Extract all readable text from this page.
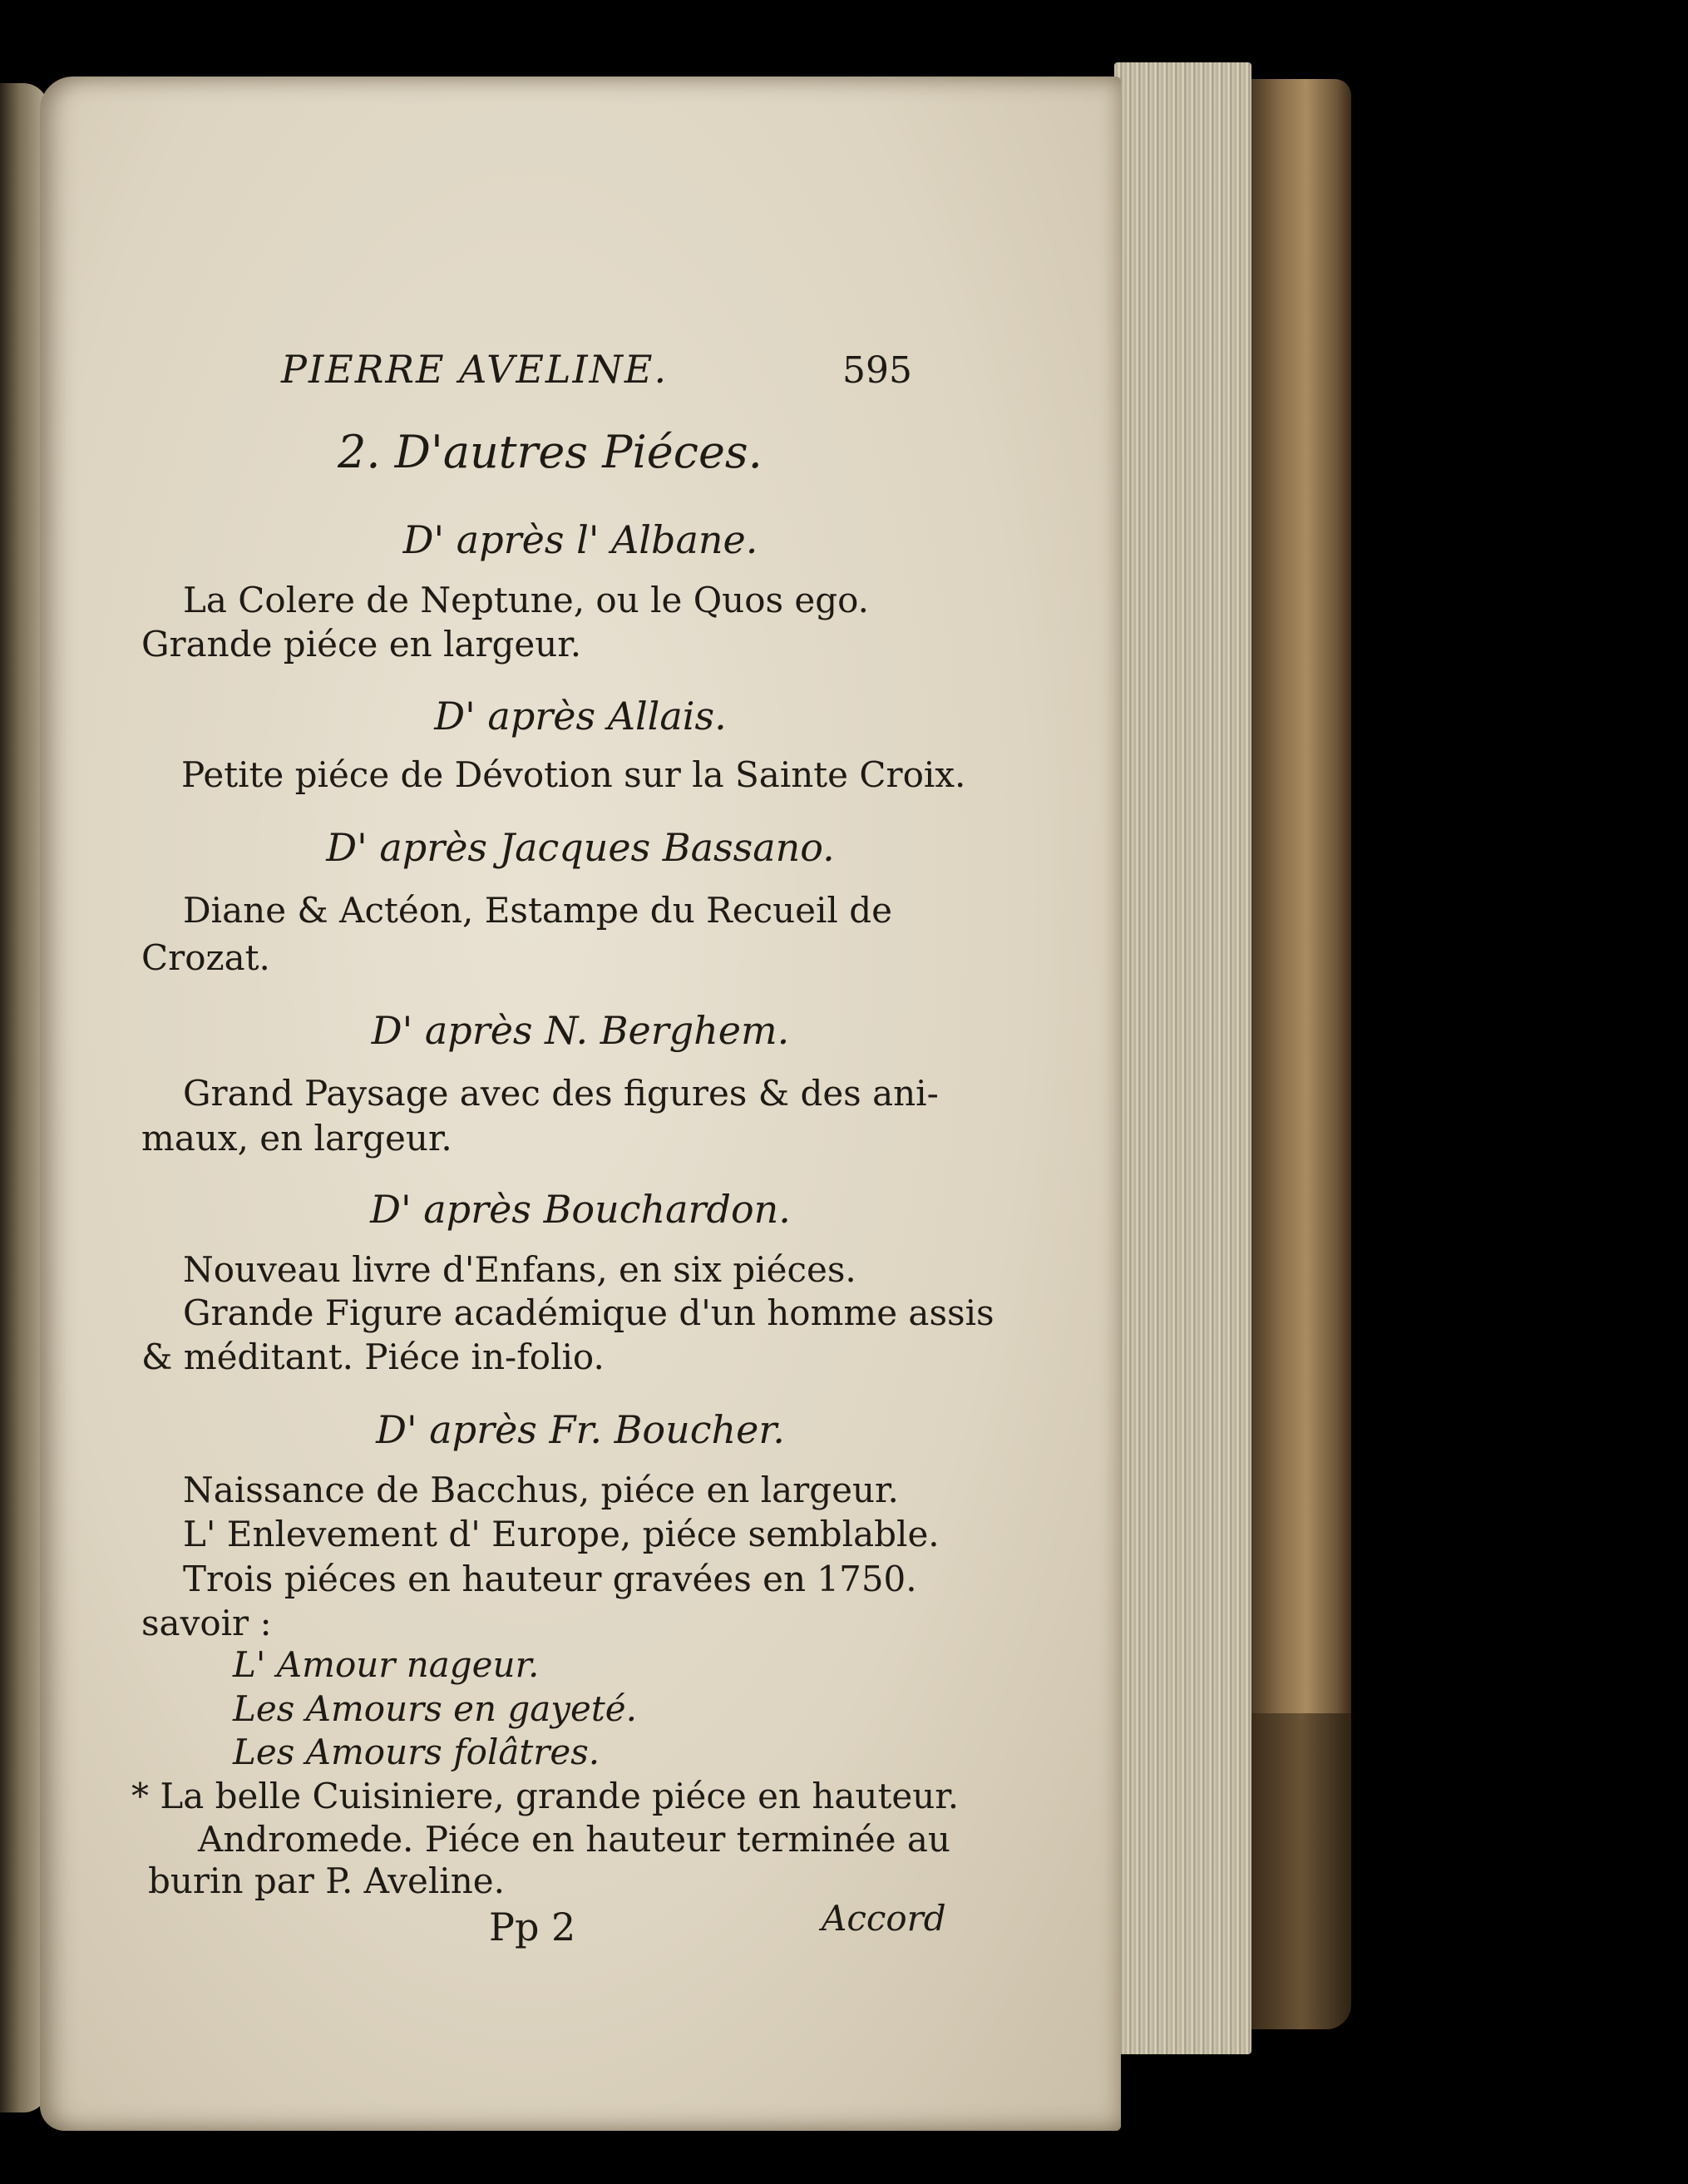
PIERRE AVELINE.	595
2. D'autres Piéces.
D' après l' Albane.
La Colere de Neptune, ou le Quos ego.
Grande piéce en largeur.
D' après Allais.
Petite piéce de Dévotion sur la Sainte Croix.
D' après Jacques Bassano.
Diane & Actéon, Estampe du Recueil de
Crozat.
D' après N. Berghem.
Grand Paysage avec des figures & des ani-
maux, en largeur.
D' après Bouchardon.
Nouveau livre d'Enfans, en six piéces.
Grande Figure académique d'un homme assis
& méditant. Piéce in-folio.
D' après Fr. Boucher.
Naissance de Bacchus, piéce en largeur.
L' Enlevement d' Europe, piéce semblable.
Trois piéces en hauteur gravées en 1750.
savoir :
L' Amour nageur.
Les Amours en gayeté.
Les Amours folâtres.
* La belle Cuisiniere, grande piéce en hauteur.
Andromede. Piéce en hauteur terminée au
burin par P. Aveline.
Pp 2	Accord
